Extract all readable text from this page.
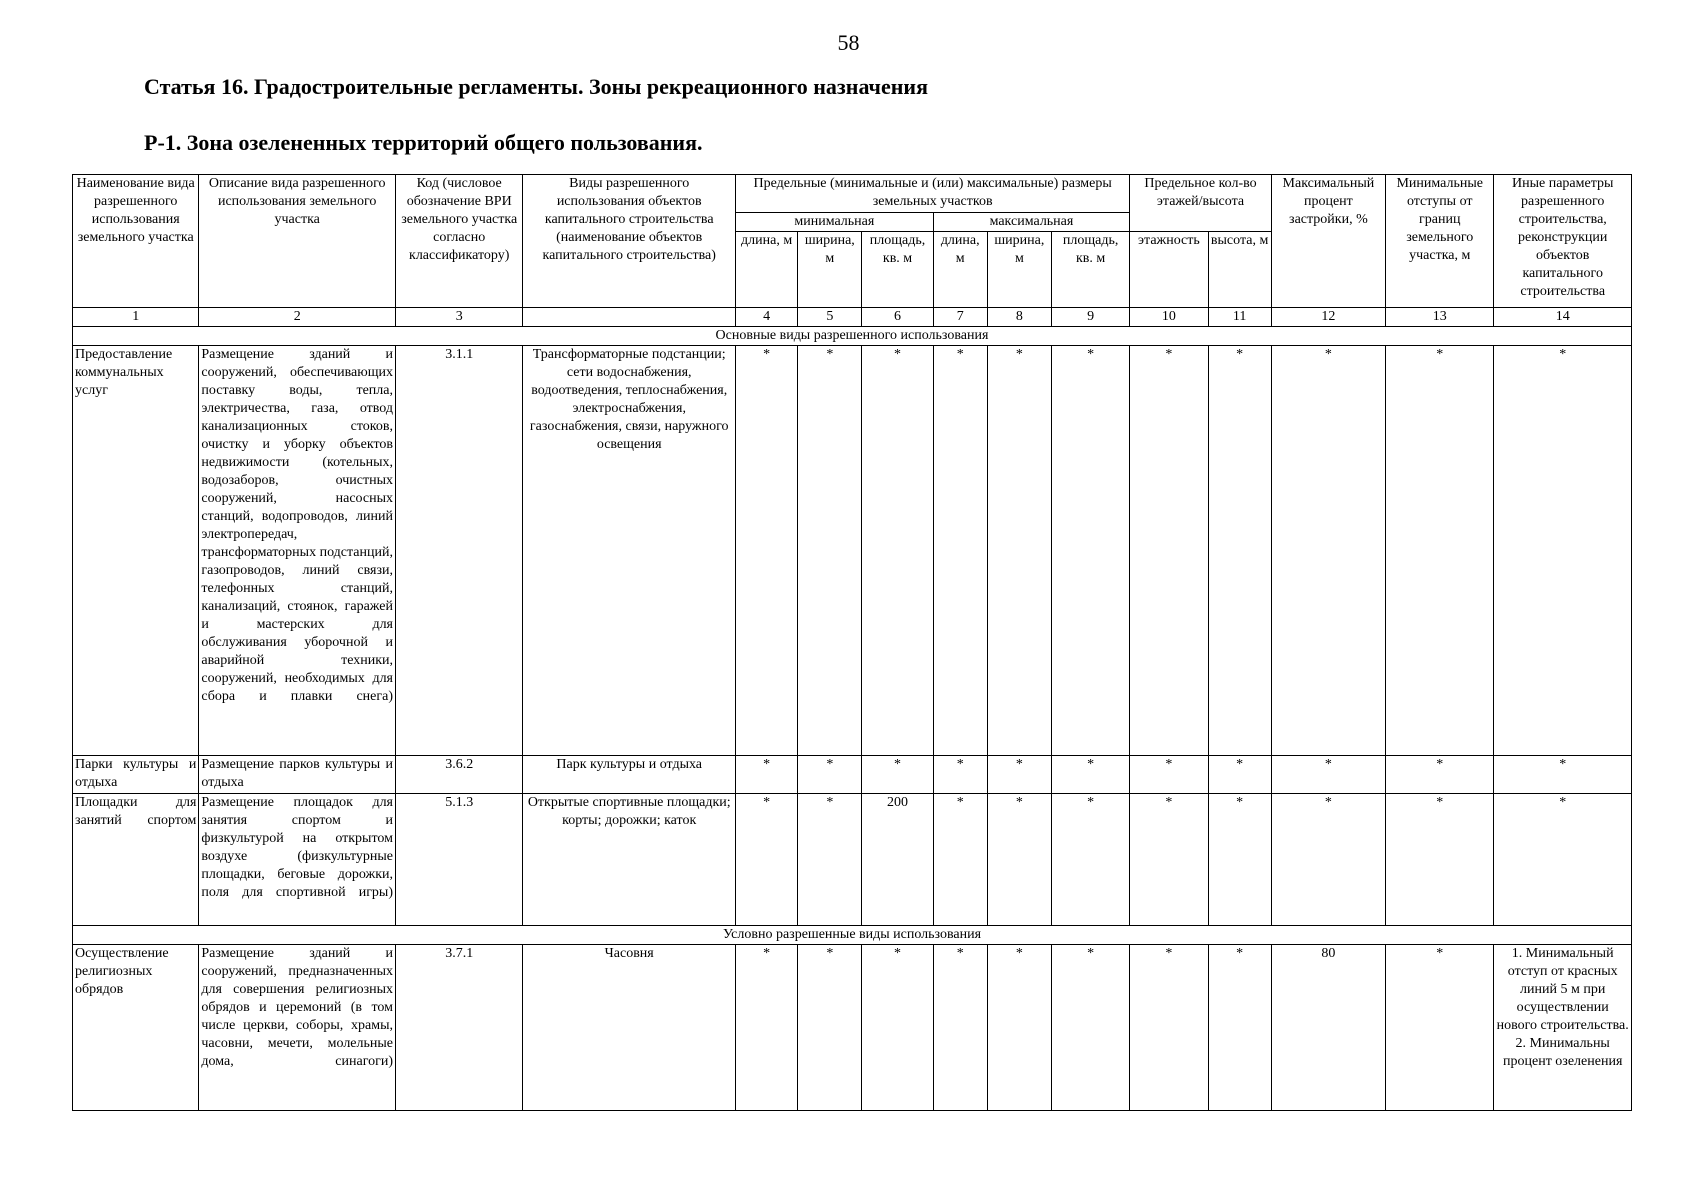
58
Статья 16. Градостроительные регламенты. Зоны рекреационного назначения
Р-1. Зона озелененных территорий общего пользования.
Наименование вида разрешенного использования земельного участка	Описание вида разрешенного использования земельного участка	Код (числовое обозначение ВРИ земельного участка согласно классификатору)	Виды разрешенного использования объектов капитального строительства (наименование объектов капитального строительства)	Предельные (минимальные и (или) максимальные) размеры земельных участков						Предельное кол-во этажей/высота		Максимальный процент застройки, %	Минимальные отступы от границ земельного участка, м	Иные параметры разрешенного строительства, реконструкции объектов капитального строительства
				минимальная			максимальная							
				длина, м	ширина, м	площадь, кв. м	длина, м	ширина, м	площадь, кв. м	этажность	высота, м			
1	2	3		4	5	6	7	8	9	10	11	12	13	14
Основные виды разрешенного использования														
Предоставление коммунальных услуг	Размещение зданий и сооружений, обеспечивающих поставку воды, тепла, электричества, газа, отвод канализационных стоков, очистку и уборку объектов недвижимости (котельных, водозаборов, очистных сооружений, насосных станций, водопроводов, линий электропередач, трансформаторных подстанций, газопроводов, линий связи, телефонных станций, канализаций, стоянок, гаражей и мастерских для обслуживания уборочной и аварийной техники, сооружений, необходимых для сбора и плавки снега)	3.1.1	Трансформаторные подстанции; сети водоснабжения, водоотведения, теплоснабжения, электроснабжения, газоснабжения, связи, наружного освещения	*	*	*	*	*	*	*	*	*	*	*
Парки культуры и отдыха	Размещение парков культуры и отдыха	3.6.2	Парк культуры и отдыха	*	*	*	*	*	*	*	*	*	*	*
Площадки для занятий спортом	Размещение площадок для занятия спортом и физкультурой на открытом воздухе (физкультурные площадки, беговые дорожки, поля для спортивной игры)	5.1.3	Открытые спортивные площадки; корты; дорожки; каток	*	*	200	*	*	*	*	*	*	*	*
Условно разрешенные виды использования														
Осуществление религиозных обрядов	Размещение зданий и сооружений, предназначенных для совершения религиозных обрядов и церемоний (в том числе церкви, соборы, храмы, часовни, мечети, молельные дома, синагоги)	3.7.1	Часовня	*	*	*	*	*	*	*	*	80	*	1. Минимальный отступ от красных линий 5 м при осуществлении нового строительства. 2. Минимальны процент озеленения
